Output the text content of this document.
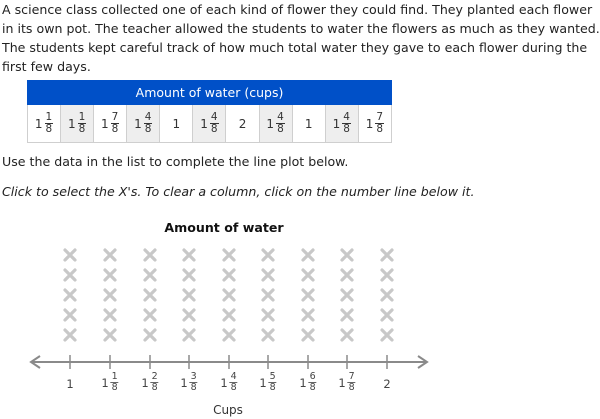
A science class collected one of each kind of flower they could find. They planted each flower in its own pot. The teacher allowed the students to water the flowers as much as they wanted. The students kept careful track of how much total water they gave to each flower during the first few days.

Amount of water (cups)

$1 \frac{1}{8}$	$1 \frac{1}{8}$	$1 \frac{7}{8}$	$1 \frac{4}{8}$	1	$1 \frac{4}{8}$	2	$1 \frac{4}{8}$	1	$1 \frac{4}{8}$	$1 \frac{7}{8}$

Use the data in the list to complete the line plot below.

Click to select the X's. To clear a column, click on the number line below it.

Amount of water
1 $1 \frac{1}{8} 1 \frac{2}{8} 1 \frac{3}{8} 1 \frac{4}{8} 1 \frac{5}{8} 1 \frac{6}{8} 1 \frac{7}{8} 2$
Cups
